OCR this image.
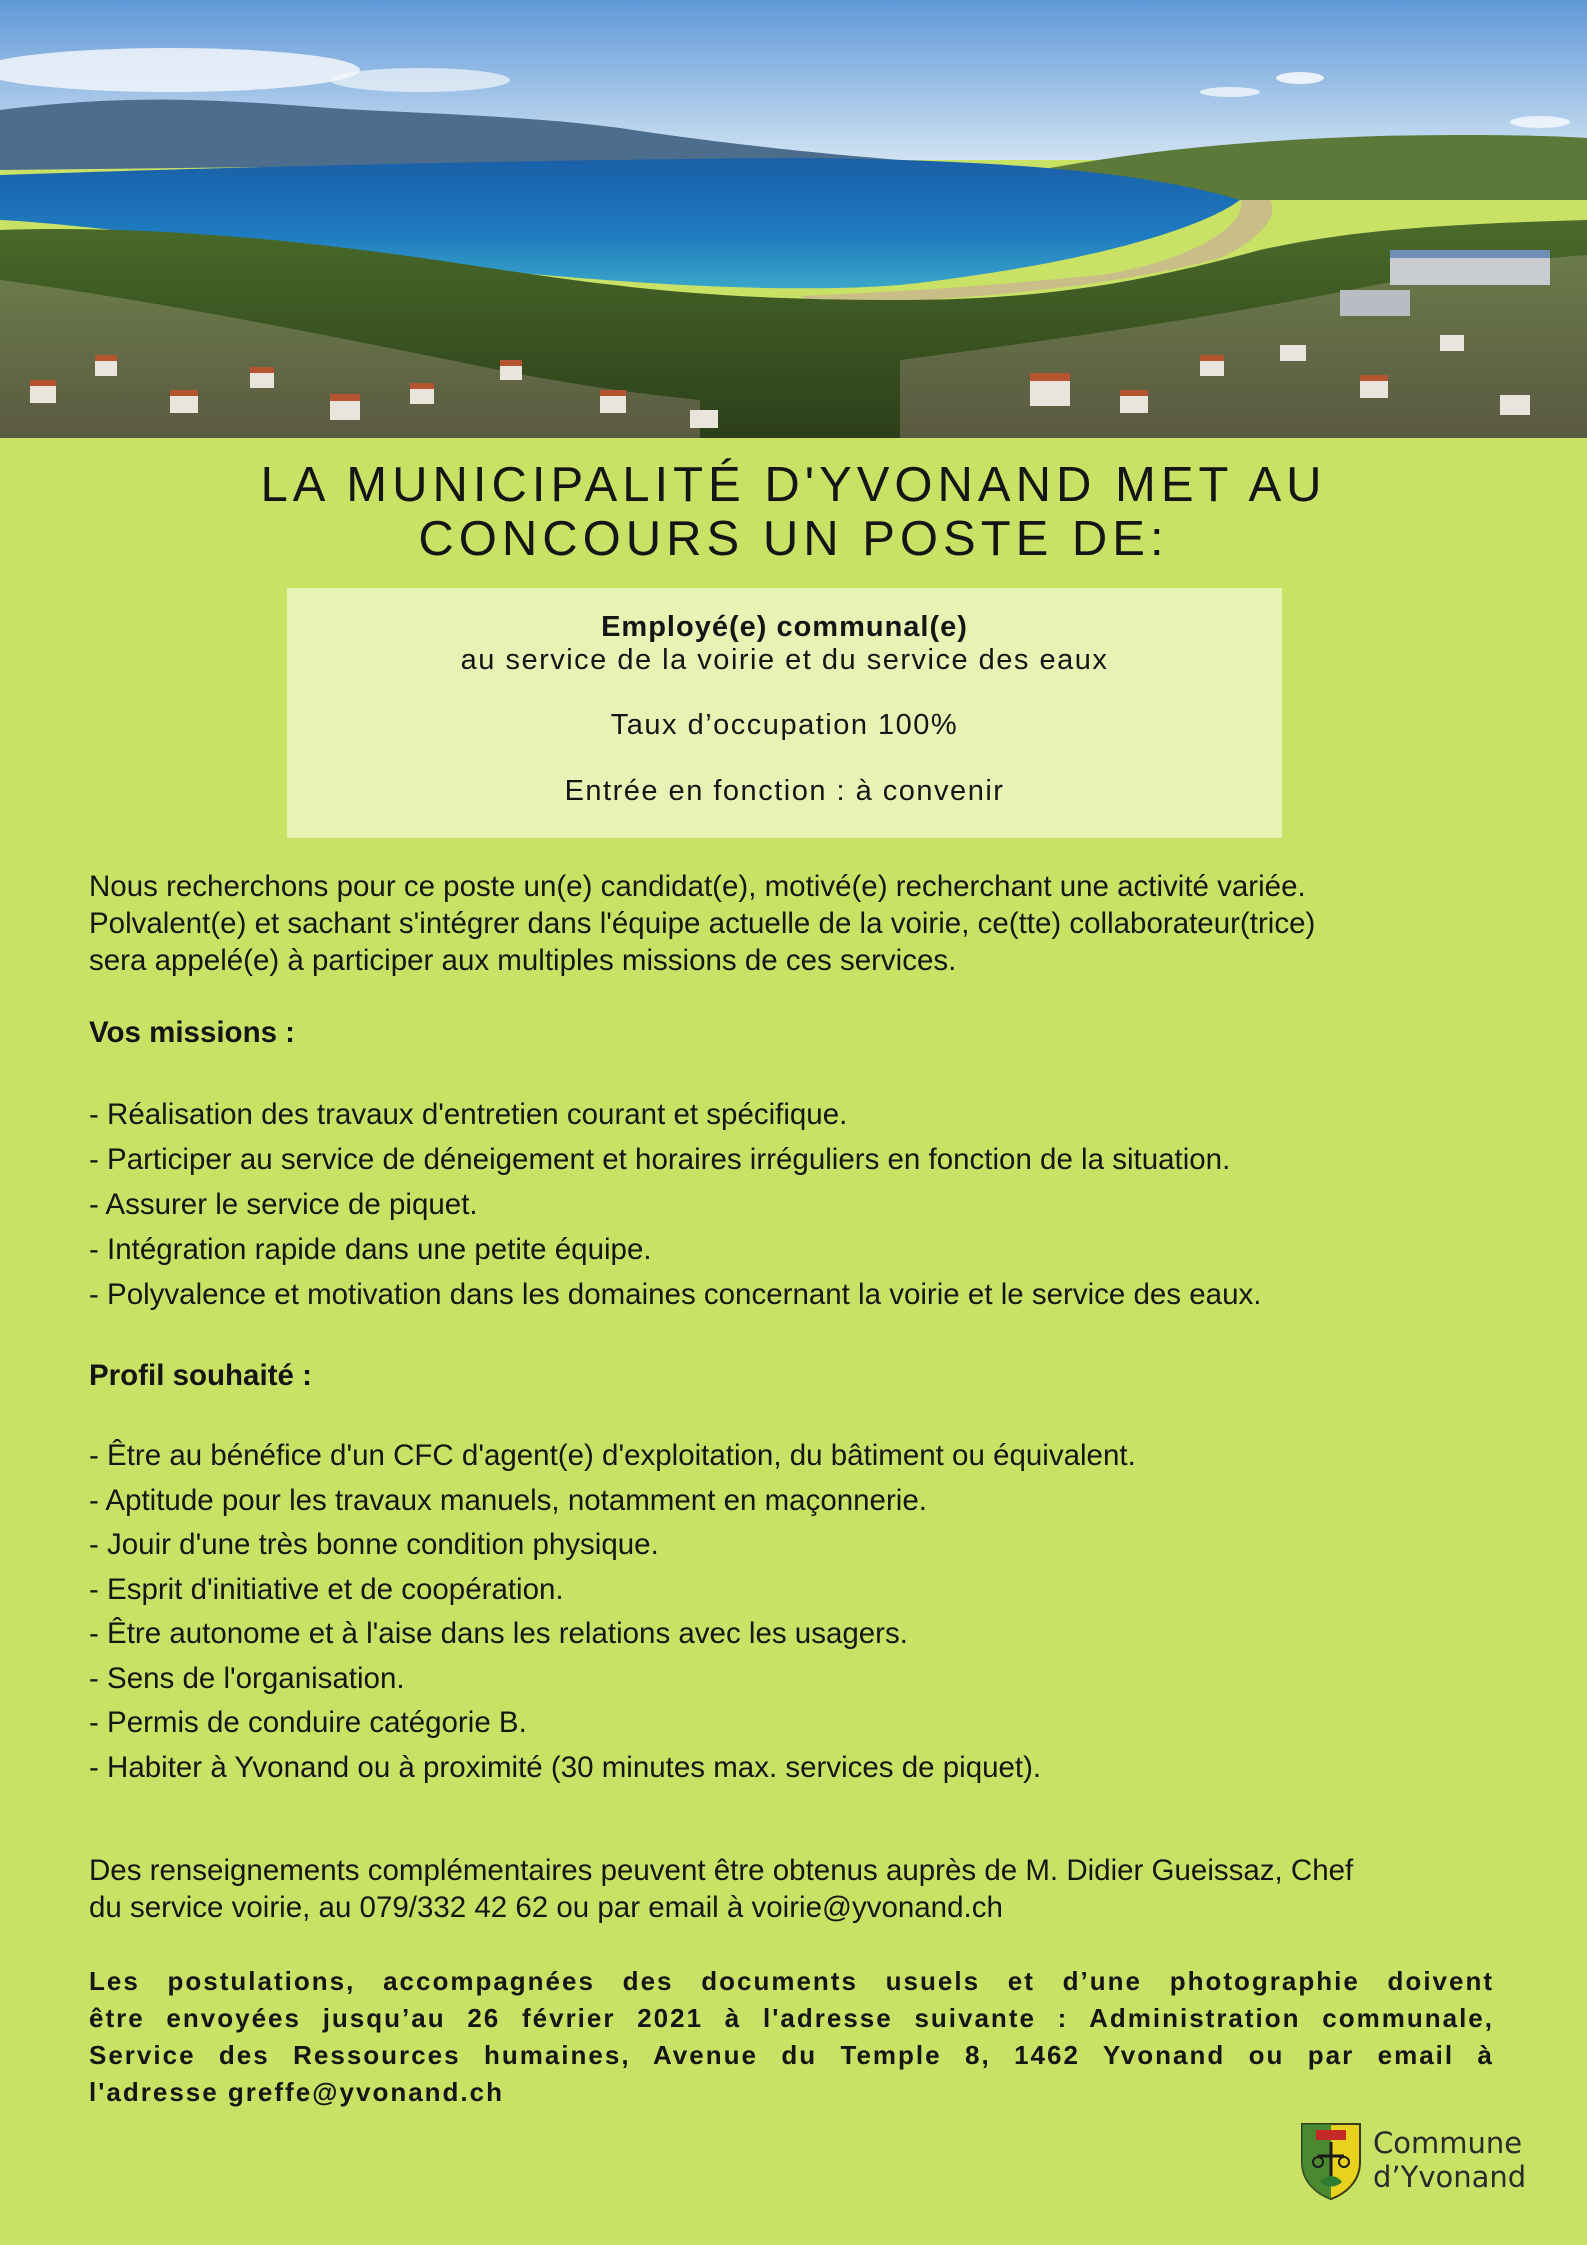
LA MUNICIPALITÉ D'YVONAND MET AU
CONCOURS UN POSTE DE:
Employé(e) communal(e)
au service de la voirie et du service des eaux
Taux d’occupation 100%
Entrée en fonction : à convenir
Nous recherchons pour ce poste un(e) candidat(e), motivé(e) recherchant une activité variée.
Polvalent(e) et sachant s'intégrer dans l'équipe actuelle de la voirie, ce(tte) collaborateur(trice)
sera appelé(e) à participer aux multiples missions de ces services.
Vos missions :
- Réalisation des travaux d'entretien courant et spécifique.
- Participer au service de déneigement et horaires irréguliers en fonction de la situation.
- Assurer le service de piquet.
- Intégration rapide dans une petite équipe.
- Polyvalence et motivation dans les domaines concernant la voirie et le service des eaux.
Profil souhaité :
- Être au bénéfice d'un CFC d'agent(e) d'exploitation, du bâtiment ou équivalent.
- Aptitude pour les travaux manuels, notamment en maçonnerie.
- Jouir d'une très bonne condition physique.
- Esprit d'initiative et de coopération.
- Être autonome et à l'aise dans les relations avec les usagers.
- Sens de l'organisation.
- Permis de conduire catégorie B.
- Habiter à Yvonand ou à proximité (30 minutes max. services de piquet).
Des renseignements complémentaires peuvent être obtenus auprès de M. Didier Gueissaz, Chef
du service voirie, au 079/332 42 62 ou par email à voirie@yvonand.ch
Les postulations, accompagnées des documents usuels et d’une photographie doivent
être envoyées jusqu’au 26 février 2021 à l'adresse suivante : Administration communale,
Service des Ressources humaines, Avenue du Temple 8, 1462 Yvonand ou par email à
l'adresse greffe@yvonand.ch
Commune
d’Yvonand
